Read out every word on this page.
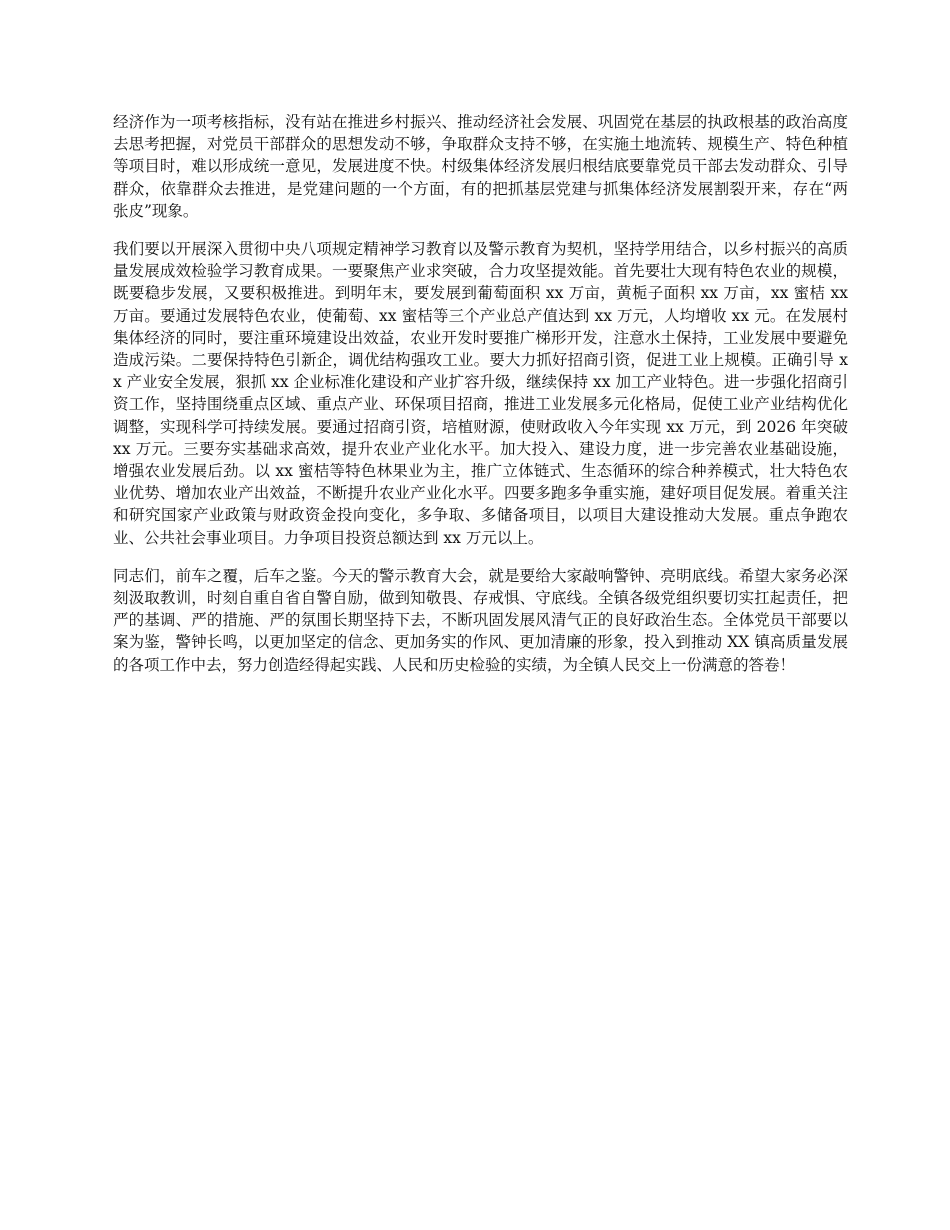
经济作为一项考核指标，没有站在推进乡村振兴、推动经济社会发展、巩固党在基层的执政根基的政治高度去思考把握，对党员干部群众的思想发动不够，争取群众支持不够，在实施土地流转、规模生产、特色种植等项目时，难以形成统一意见，发展进度不快。村级集体经济发展归根结底要靠党员干部去发动群众、引导群众，依靠群众去推进，是党建问题的一个方面，有的把抓基层党建与抓集体经济发展割裂开来，存在“两张皮”现象。

我们要以开展深入贯彻中央八项规定精神学习教育以及警示教育为契机，坚持学用结合，以乡村振兴的高质量发展成效检验学习教育成果。一要聚焦产业求突破，合力攻坚提效能。首先要壮大现有特色农业的规模，既要稳步发展，又要积极推进。到明年末，要发展到葡萄面积 xx 万亩，黄栀子面积 xx 万亩，xx 蜜桔 xx 万亩。要通过发展特色农业，使葡萄、xx 蜜桔等三个产业总产值达到 xx 万元，人均增收 xx 元。在发展村集体经济的同时，要注重环境建设出效益，农业开发时要推广梯形开发，注意水土保持，工业发展中要避免造成污染。二要保持特色引新企，调优结构强攻工业。要大力抓好招商引资，促进工业上规模。正确引导 xx 产业安全发展，狠抓 xx 企业标准化建设和产业扩容升级，继续保持 xx 加工产业特色。进一步强化招商引资工作，坚持围绕重点区域、重点产业、环保项目招商，推进工业发展多元化格局，促使工业产业结构优化调整，实现科学可持续发展。要通过招商引资，培植财源，使财政收入今年实现 xx 万元，到 2026 年突破 xx 万元。三要夯实基础求高效，提升农业产业化水平。加大投入、建设力度，进一步完善农业基础设施，增强农业发展后劲。以 xx 蜜桔等特色林果业为主，推广立体链式、生态循环的综合种养模式，壮大特色农业优势、增加农业产出效益，不断提升农业产业化水平。四要多跑多争重实施，建好项目促发展。着重关注和研究国家产业政策与财政资金投向变化，多争取、多储备项目，以项目大建设推动大发展。重点争跑农业、公共社会事业项目。力争项目投资总额达到 xx 万元以上。

同志们，前车之覆，后车之鉴。今天的警示教育大会，就是要给大家敲响警钟、亮明底线。希望大家务必深刻汲取教训，时刻自重自省自警自励，做到知敬畏、存戒惧、守底线。全镇各级党组织要切实扛起责任，把严的基调、严的措施、严的氛围长期坚持下去，不断巩固发展风清气正的良好政治生态。全体党员干部要以案为鉴，警钟长鸣，以更加坚定的信念、更加务实的作风、更加清廉的形象，投入到推动 XX 镇高质量发展的各项工作中去，努力创造经得起实践、人民和历史检验的实绩，为全镇人民交上一份满意的答卷！
